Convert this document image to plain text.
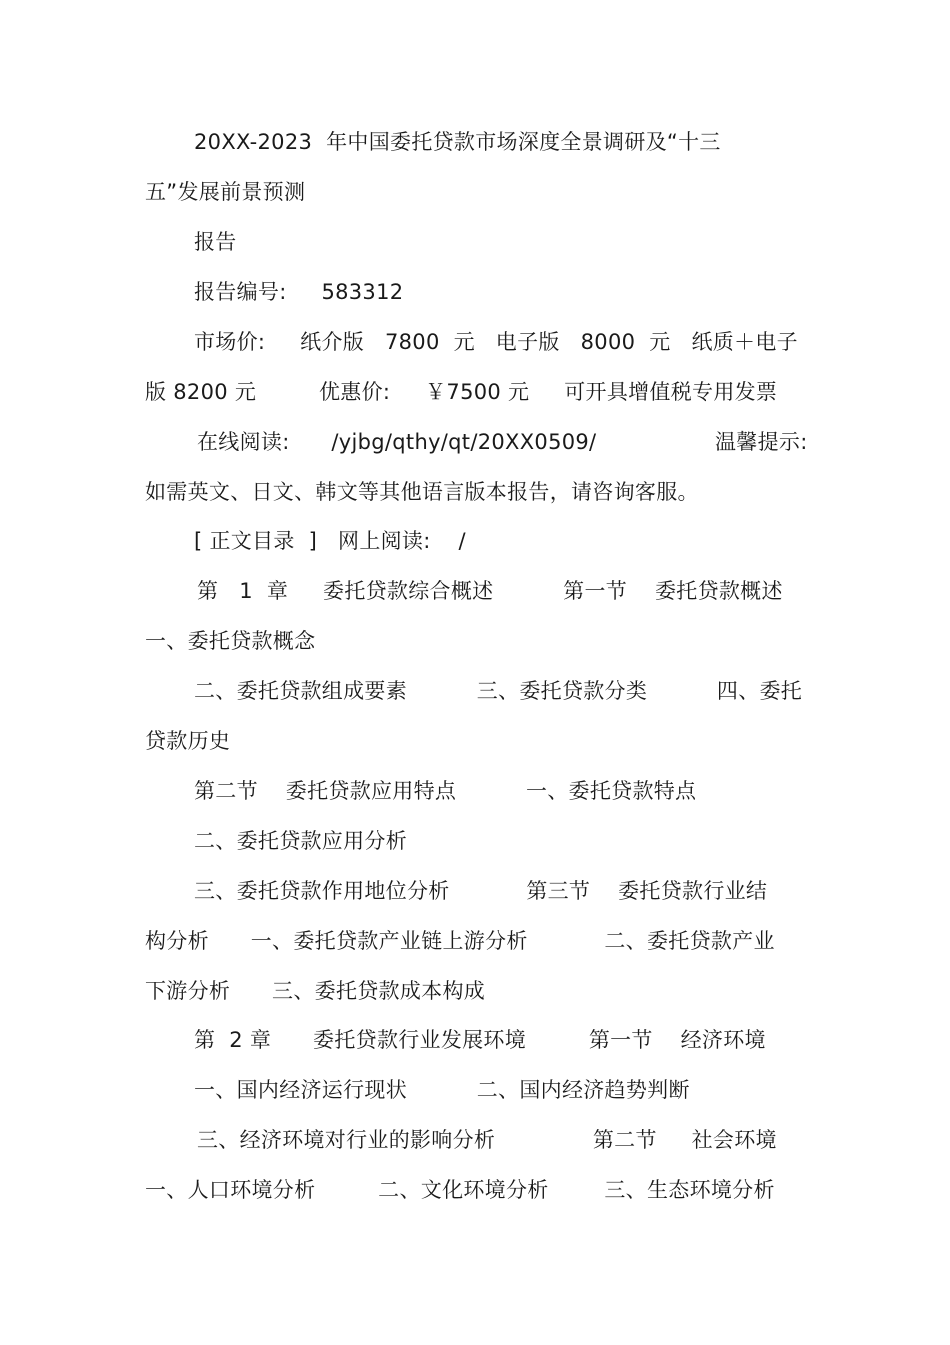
20XX-2023  年中国委托贷款市场深度全景调研及“十三
五”发展前景预测
报告
报告编号:     583312
市场价:     纸介版   7800  元   电子版   8000  元   纸质＋电子
版 8200 元         优惠价:     ￥7500 元     可开具增值税专用发票
在线阅读:      /yjbg/qthy/qt/20XX0509/                 温馨提示:
如需英文、日文、韩文等其他语言版本报告，请咨询客服。
[ 正文目录  ]   网上阅读:    /
第   1  章     委托贷款综合概述          第一节    委托贷款概述
一、委托贷款概念
二、委托贷款组成要素          三、委托贷款分类          四、委托
贷款历史
第二节    委托贷款应用特点          一、委托贷款特点
二、委托贷款应用分析
三、委托贷款作用地位分析           第三节    委托贷款行业结
构分析      一、委托贷款产业链上游分析           二、委托贷款产业
下游分析      三、委托贷款成本构成
第  2 章      委托贷款行业发展环境         第一节    经济环境
一、国内经济运行现状          二、国内经济趋势判断
三、经济环境对行业的影响分析              第二节     社会环境
一、人口环境分析         二、文化环境分析        三、生态环境分析
